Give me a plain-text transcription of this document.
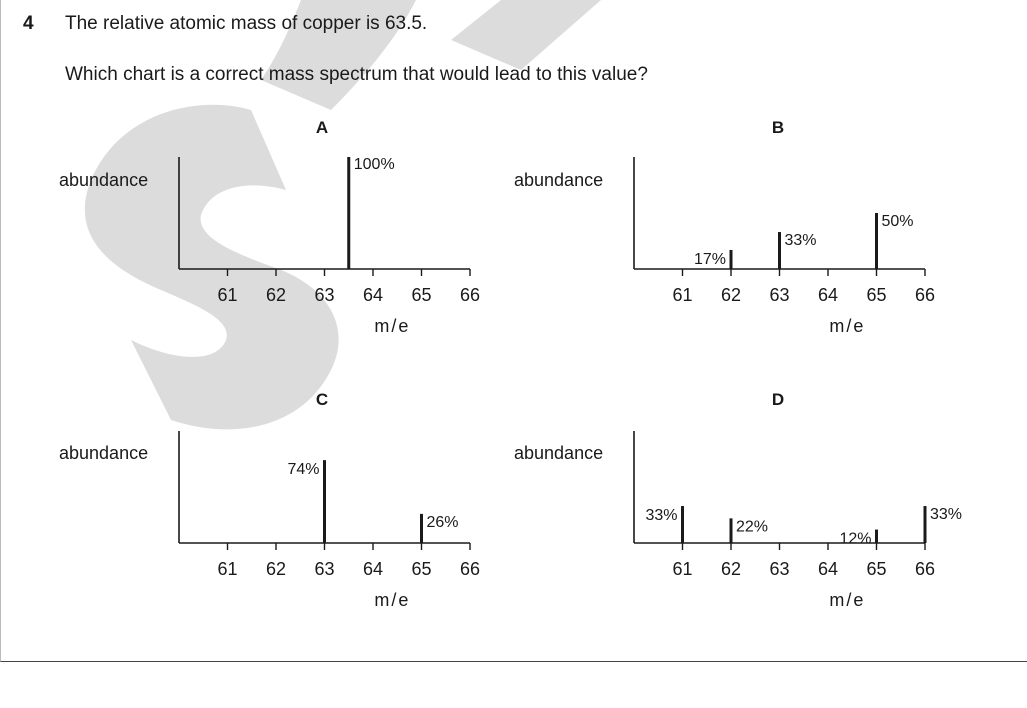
4 The relative atomic mass of copper is 63.5.
Which chart is a correct mass spectrum that would lead to this value?
A
abundance
61 62 63 64 65 66
m/e
100%
B
abundance
61 62 63 64 65 66
m/e
17%
33%
50%
C
abundance
61 62 63 64 65 66
m/e
74%
26%
D
abundance
61 62 63 64 65 66
m/e
33%
22%
12%
33%
